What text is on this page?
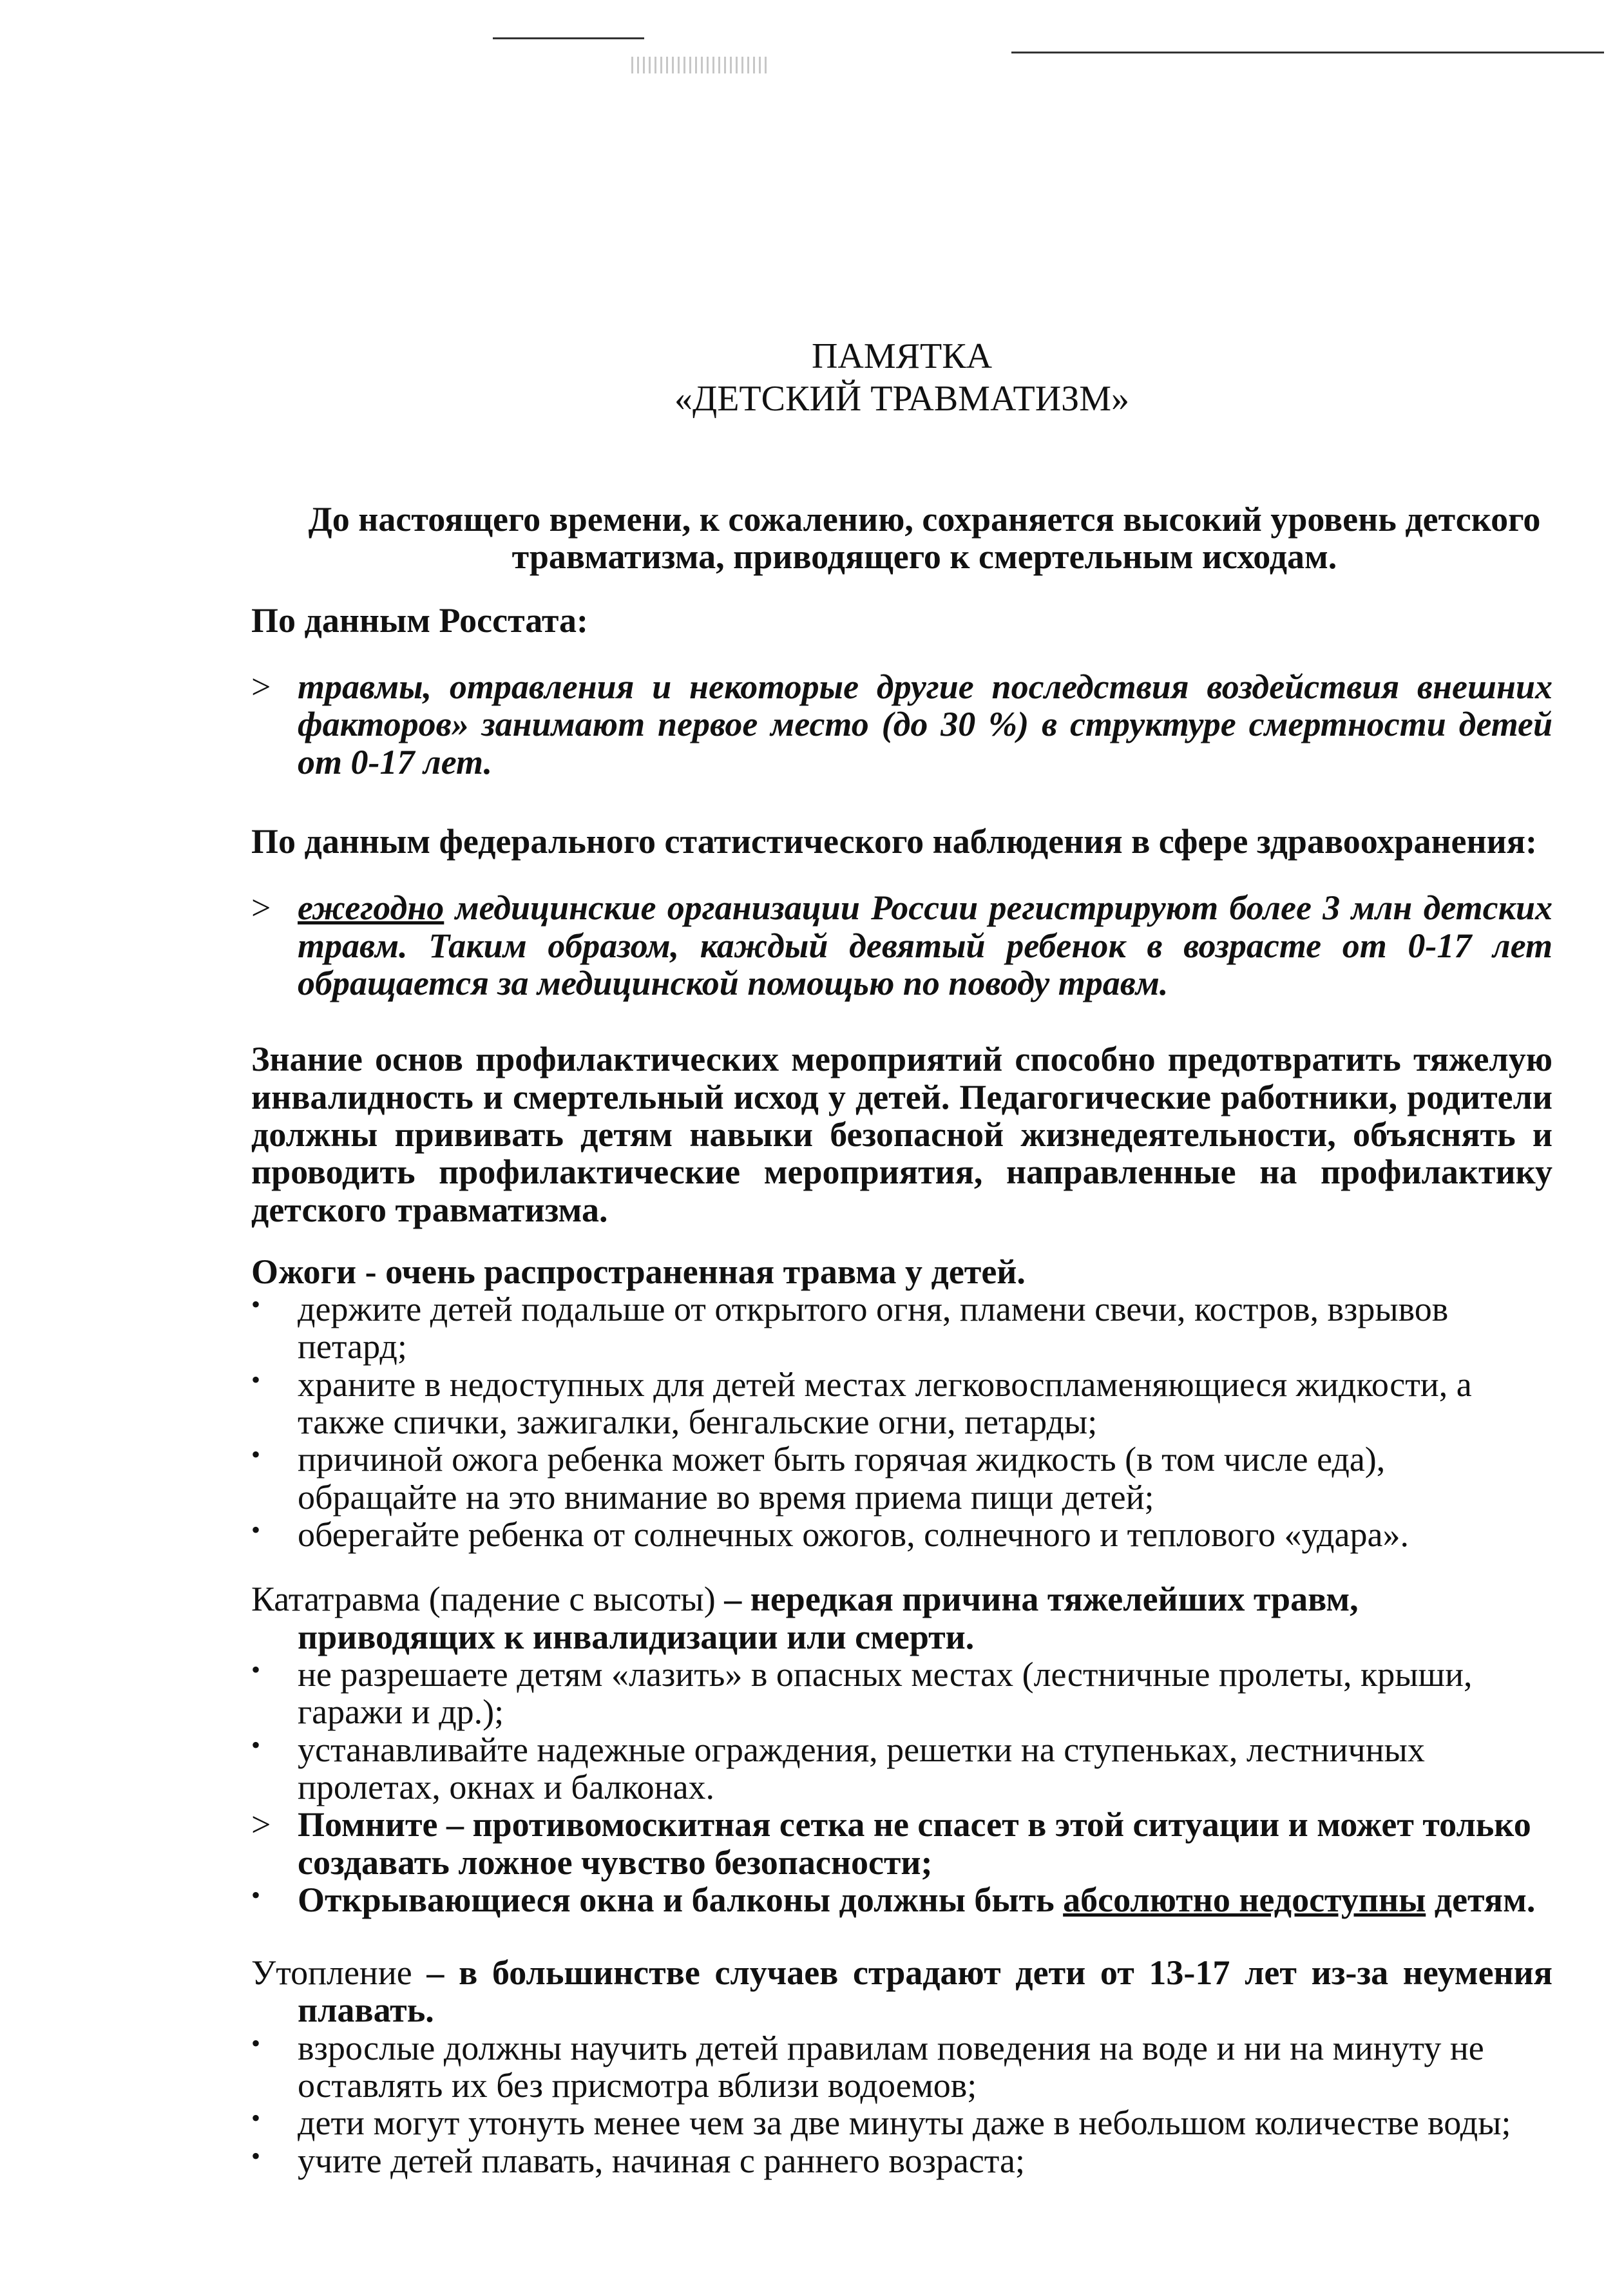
ПАМЯТКА
«ДЕТСКИЙ ТРАВМАТИЗМ»

До настоящего времени, к сожалению, сохраняется высокий уровень детского травматизма, приводящего к смертельным исходам.

По данным Росстата:

> травмы, отравления и некоторые другие последствия воздействия внешних факторов» занимают первое место (до 30 %) в структуре смертности детей от 0-17 лет.

По данным федерального статистического наблюдения в сфере здравоохранения:

> ежегодно медицинские организации России регистрируют более 3 млн детских травм. Таким образом, каждый девятый ребенок в возрасте от 0-17 лет обращается за медицинской помощью по поводу травм.

Знание основ профилактических мероприятий способно предотвратить тяжелую инвалидность и смертельный исход у детей. Педагогические работники, родители должны прививать детям навыки безопасной жизнедеятельности, объяснять и проводить профилактические мероприятия, направленные на профилактику детского травматизма.

Ожоги - очень распространенная травма у детей.
• держите детей подальше от открытого огня, пламени свечи, костров, взрывов петард;
• храните в недоступных для детей местах легковоспламеняющиеся жидкости, а также спички, зажигалки, бенгальские огни, петарды;
• причиной ожога ребенка может быть горячая жидкость (в том числе еда), обращайте на это внимание во время приема пищи детей;
• оберегайте ребенка от солнечных ожогов, солнечного и теплового «удара».
Кататравма (падение с высоты) – нередкая причина тяжелейших травм, приводящих к инвалидизации или смерти.
• не разрешаете детям «лазить» в опасных местах (лестничные пролеты, крыши, гаражи и др.);
• устанавливайте надежные ограждения, решетки на ступеньках, лестничных пролетах, окнах и балконах.
> Помните – противомоскитная сетка не спасет в этой ситуации и может только создавать ложное чувство безопасности;
• Открывающиеся окна и балконы должны быть абсолютно недоступны детям.
Утопление – в большинстве случаев страдают дети от 13-17 лет из-за неумения плавать.
• взрослые должны научить детей правилам поведения на воде и ни на минуту не оставлять их без присмотра вблизи водоемов;
• дети могут утонуть менее чем за две минуты даже в небольшом количестве воды;
• учите детей плавать, начиная с раннего возраста;
